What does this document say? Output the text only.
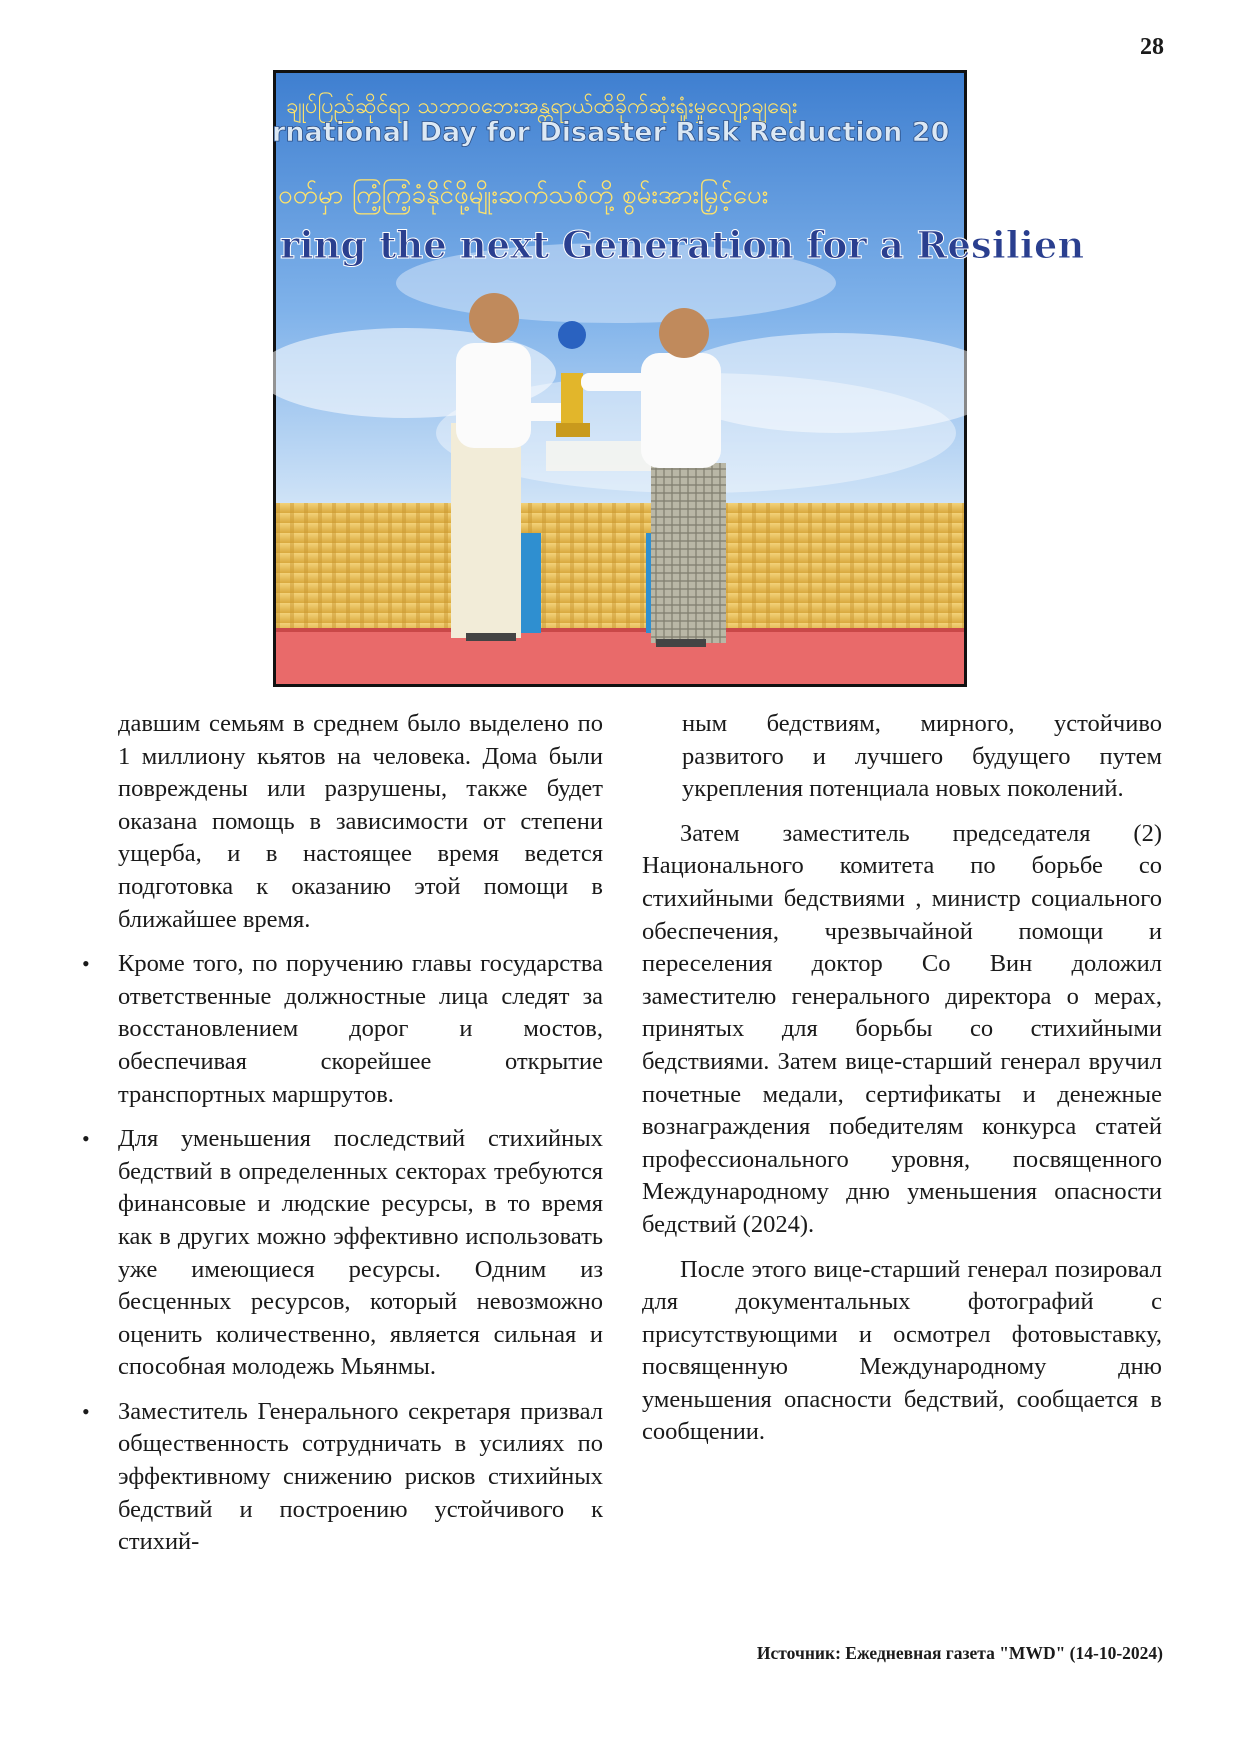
28
ချုပ်ပြည်ဆိုင်ရာ သဘာဝဘေးအန္တရာယ်ထိခိုက်ဆုံးရှုံးမှုလျော့ချရေး
rnational Day for Disaster Risk Reduction 20
ဝတ်မှာ ကြံ့ကြံ့ခံနိုင်ဖို့မျိုးဆက်သစ်တို့ စွမ်းအားမြှင့်ပေး
ring the next Generation for a Resilien

давшим семьям в среднем было выделено по 1 миллиону кьятов на человека. Дома были повреждены или разрушены, также будет оказана помощь в зависимости от степени ущерба, и в настоящее время ведется подготовка к оказанию этой помощи в ближайшее время.

• Кроме того, по поручению главы государства ответственные должностные лица следят за восстановлением дорог и мостов, обеспечивая скорейшее открытие транспортных маршрутов.
• Для уменьшения последствий стихийных бедствий в определенных секторах требуются финансовые и людские ресурсы, в то время как в других можно эффективно использовать уже имеющиеся ресурсы. Одним из бесценных ресурсов, который невозможно оценить количественно, является сильная и способная молодежь Мьянмы.
• Заместитель Генерального секретаря призвал общественность сотрудничать в усилиях по эффективному снижению рисков стихийных бедствий и построению устойчивого к стихий-

ным бедствиям, мирного, устойчиво развитого и лучшего будущего путем укрепления потенциала новых поколений.

Затем заместитель председателя (2) Национального комитета по борьбе со стихийными бедствиями , министр социального обеспечения, чрезвычайной помощи и переселения доктор Со Вин доложил заместителю генерального директора о мерах, принятых для борьбы со стихийными бедствиями. Затем вице-старший генерал вручил почетные медали, сертификаты и денежные вознаграждения победителям конкурса статей профессионального уровня, посвященного Международному дню уменьшения опасности бедствий (2024).

После этого вице-старший генерал позировал для документальных фотографий с присутствующими и осмотрел фотовыставку, посвященную Международному дню уменьшения опасности бедствий, сообщается в сообщении.

Источник: Ежедневная газета "MWD" (14-10-2024)
